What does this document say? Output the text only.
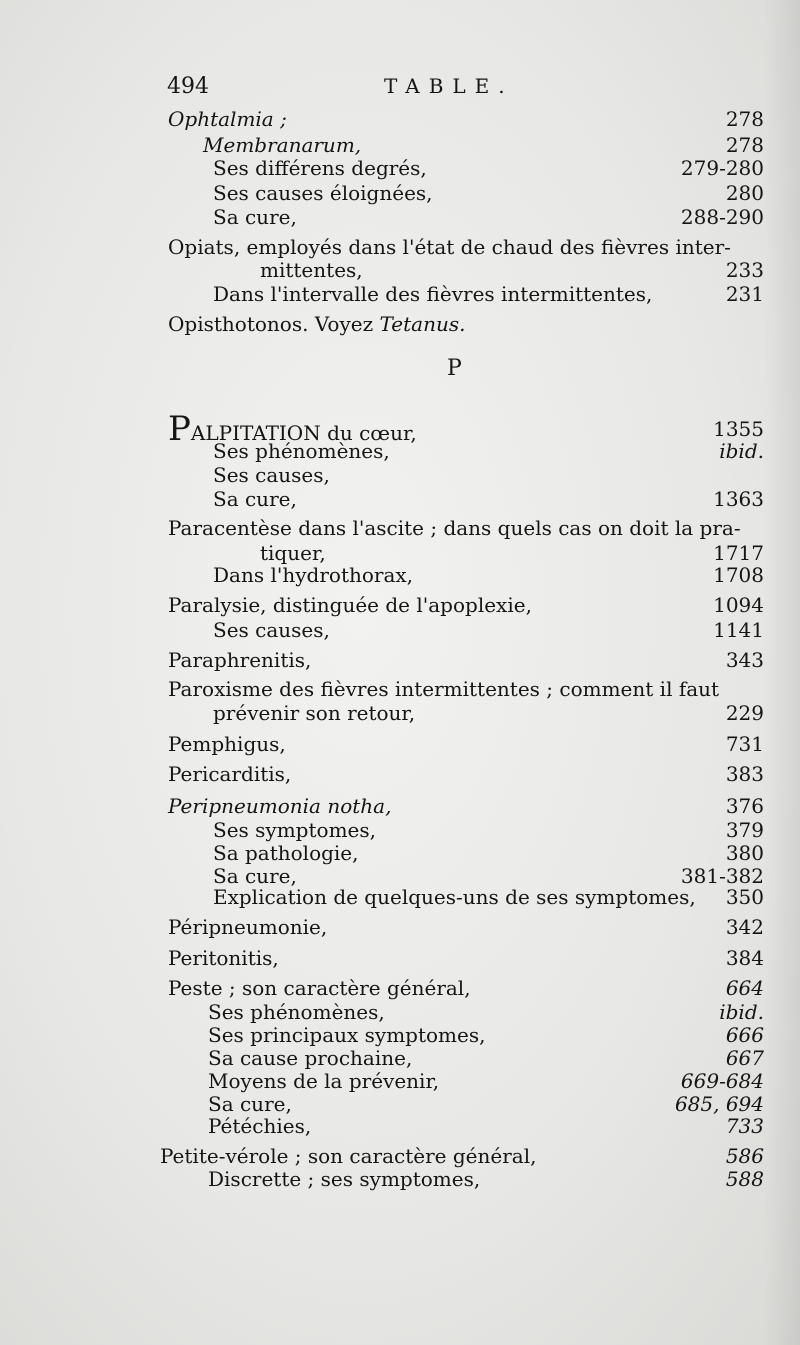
494	TABLE.
Ophtalmia ;	278
Membranarum,	278
Ses différens degrés,	279-280
Ses causes éloignées,	280
Sa cure,	288-290
Opiats, employés dans l'état de chaud des fièvres inter-
mittentes,	233
Dans l'intervalle des fièvres intermittentes,	231
Opisthotonos. Voyez Tetanus.
P
PALPITATION du cœur,	1355
Ses phénomènes,	ibid.
Ses causes,
Sa cure,	1363
Paracentèse dans l'ascite ; dans quels cas on doit la pra-
tiquer,	1717
Dans l'hydrothorax,	1708
Paralysie, distinguée de l'apoplexie,	1094
Ses causes,	1141
Paraphrenitis,	343
Paroxisme des fièvres intermittentes ; comment il faut
prévenir son retour,	229
Pemphigus,	731
Pericarditis,	383
Peripneumonia notha,	376
Ses symptomes,	379
Sa pathologie,	380
Sa cure,	381-382
Explication de quelques-uns de ses symptomes, 350
Péripneumonie,	342
Peritonitis,	384
Peste ; son caractère général,	664
Ses phénomènes,	ibid.
Ses principaux symptomes,	666
Sa cause prochaine,	667
Moyens de la prévenir,	669-684
Sa cure,	685, 694
Pétéchies,	733
Petite-vérole ; son caractère général,	586
Discrette ; ses symptomes,	588
